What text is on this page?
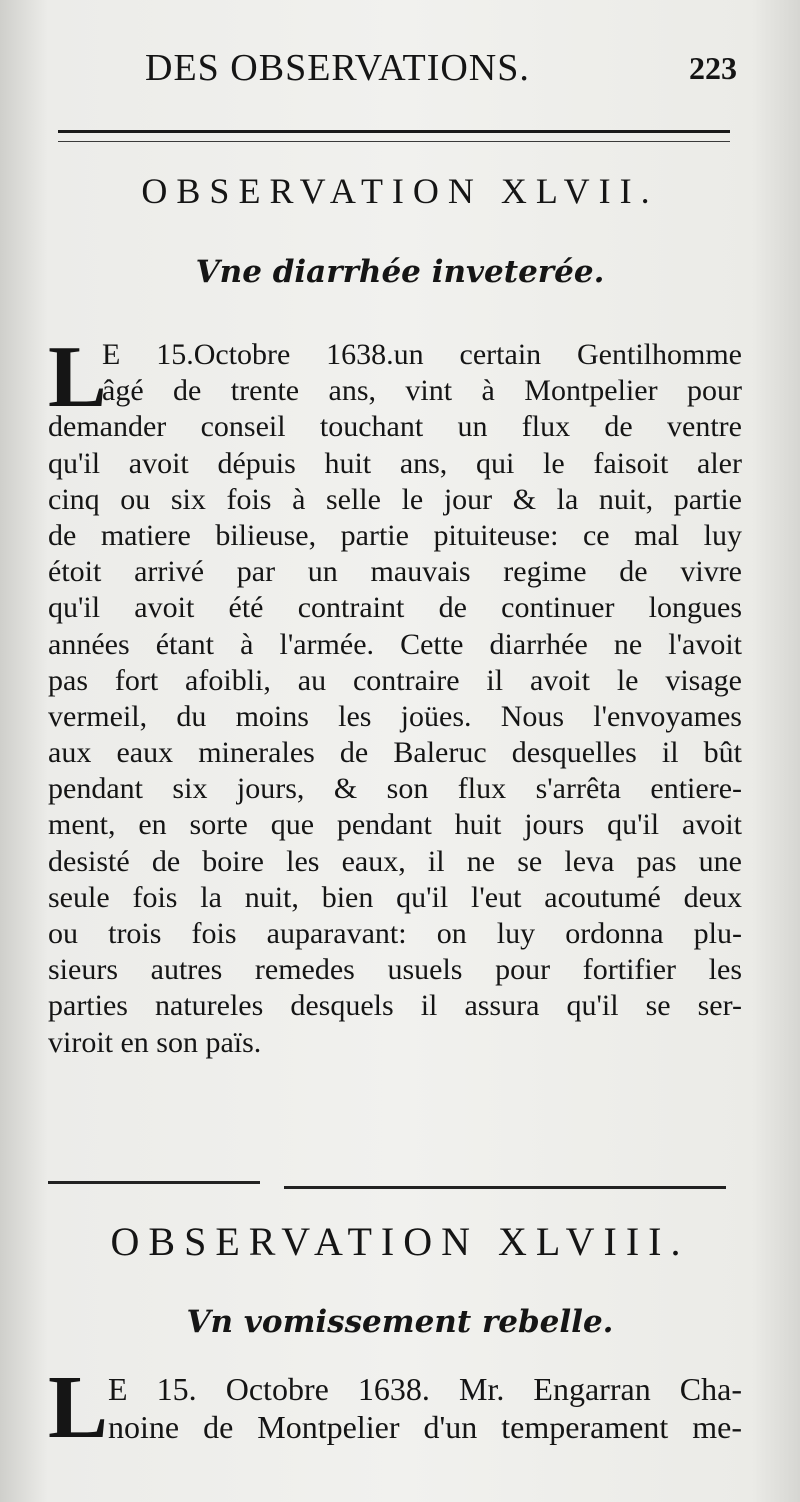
DES OBSERVATIONS.	223
OBSERVATION XLVII.
Vne diarrhée inveterée.
L
E 15.Octobre 1638.un certain Gentilhomme
âgé de trente ans, vint à Montpelier pour
demander conseil touchant un flux de ventre
qu'il avoit dépuis huit ans, qui le faisoit aler
cinq ou six fois à selle le jour & la nuit, partie
de matiere bilieuse, partie pituiteuse: ce mal luy
étoit arrivé par un mauvais regime de vivre
qu'il avoit été contraint de continuer longues
années étant à l'armée. Cette diarrhée ne l'avoit
pas fort afoibli, au contraire il avoit le visage
vermeil, du moins les joües. Nous l'envoyames
aux eaux minerales de Baleruc desquelles il bût
pendant six jours, & son flux s'arrêta entiere-
ment, en sorte que pendant huit jours qu'il avoit
desisté de boire les eaux, il ne se leva pas une
seule fois la nuit, bien qu'il l'eut acoutumé deux
ou trois fois auparavant: on luy ordonna plu-
sieurs autres remedes usuels pour fortifier les
parties natureles desquels il assura qu'il se ser-
viroit en son païs.
OBSERVATION XLVIII.
Vn vomissement rebelle.
L E 15. Octobre 1638. Mr. Engarran Cha-
noine de Montpelier d'un temperament me-
